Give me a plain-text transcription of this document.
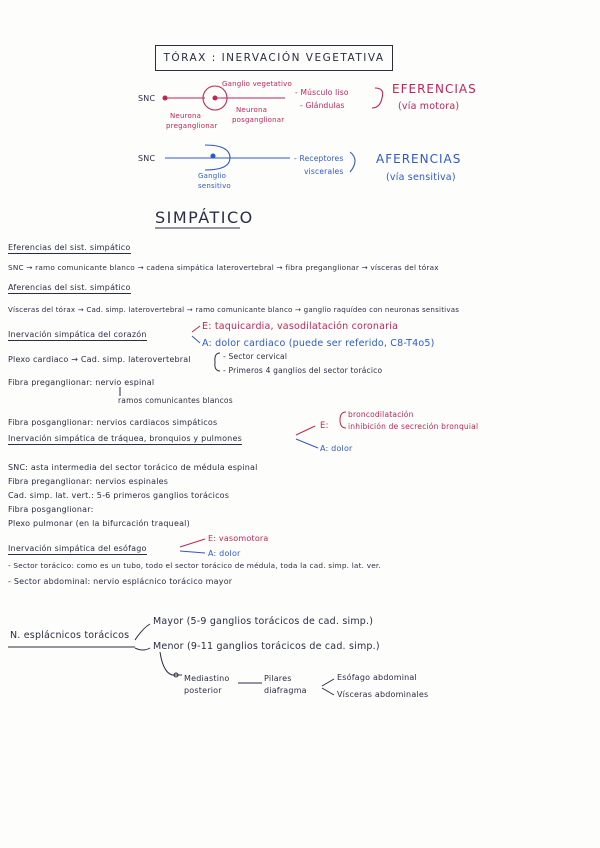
TÓRAX : INERVACIÓN VEGETATIVA
SNC
Ganglio vegetativo
Neurona
posganglionar
Neurona
preganglionar
- Músculo liso
- Glándulas
EFERENCIAS
(vía motora)
SNC
Ganglio
sensitivo
- Receptores
viscerales
AFERENCIAS
(vía sensitiva)
SIMPÁTICO
Eferencias del sist. simpático
SNC → ramo comunicante blanco → cadena simpática laterovertebral → fibra preganglionar → vísceras del tórax
Aferencias del sist. simpático
Vísceras del tórax → Cad. simp. laterovertebral → ramo comunicante blanco → ganglio raquídeo con neuronas sensitivas
Inervación simpática del corazón
E: taquicardia, vasodilatación coronaria
A: dolor cardiaco (puede ser referido, C8-T4o5)
Plexo cardiaco → Cad. simp. laterovertebral	- Sector cervical
- Primeros 4 ganglios del sector torácico
Fibra preganglionar: nervio espinal
ramos comunicantes blancos
Fibra posganglionar: nervios cardiacos simpáticos
Inervación simpática de tráquea, bronquios y pulmones
broncodilatación
E:	inhibición de secreción bronquial
A: dolor
SNC: asta intermedia del sector torácico de médula espinal
Fibra preganglionar: nervios espinales
Cad. simp. lat. vert.: 5-6 primeros ganglios torácicos
Fibra posganglionar:
Plexo pulmonar (en la bifurcación traqueal)
Inervación simpática del esófago
E: vasomotora
A: dolor
- Sector torácico: como es un tubo, todo el sector torácico de médula, toda la cad. simp. lat. ver.
- Sector abdominal: nervio esplácnico torácico mayor
N. esplácnicos torácicos
Mayor (5-9 ganglios torácicos de cad. simp.)
Menor (9-11 ganglios torácicos de cad. simp.)
Mediastino
posterior
Pilares
diafragma
Esófago abdominal
Vísceras abdominales
